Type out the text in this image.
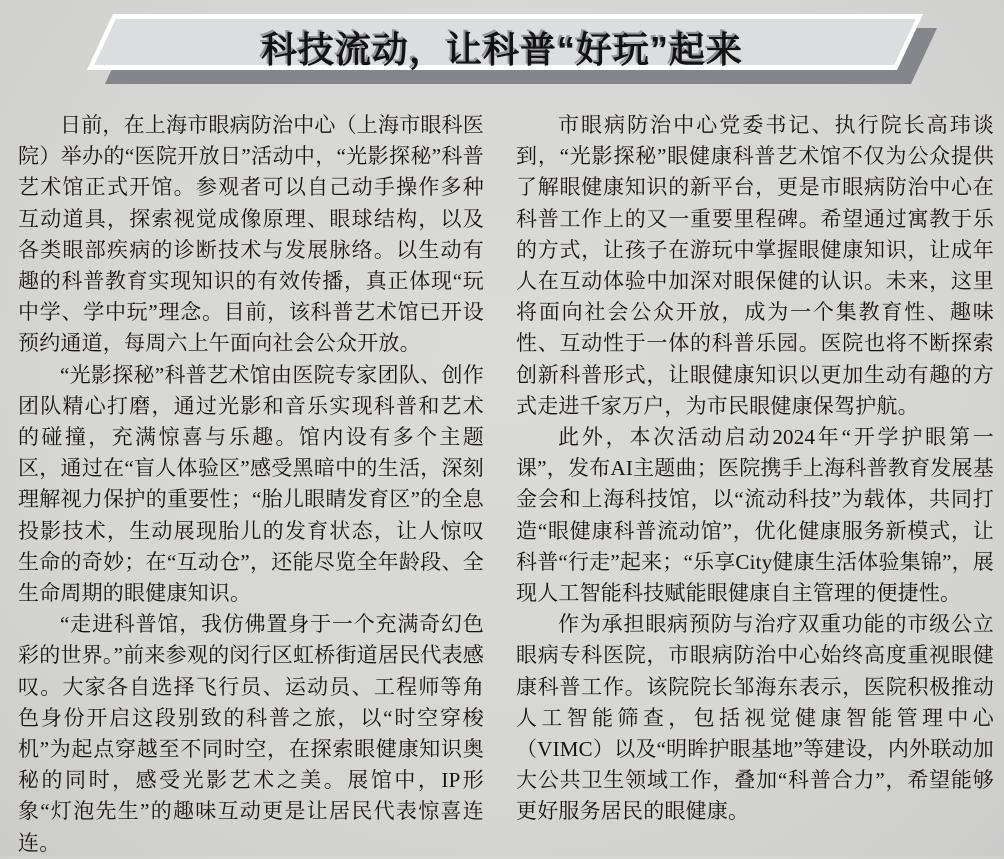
科技流动，让科普“好玩”起来

日前，在上海市眼病防治中心（上海市眼科医院）举办的“医院开放日”活动中，“光影探秘”科普艺术馆正式开馆。参观者可以自己动手操作多种互动道具，探索视觉成像原理、眼球结构，以及各类眼部疾病的诊断技术与发展脉络。以生动有趣的科普教育实现知识的有效传播，真正体现“玩中学、学中玩”理念。目前，该科普艺术馆已开设预约通道，每周六上午面向社会公众开放。

“光影探秘”科普艺术馆由医院专家团队、创作团队精心打磨，通过光影和音乐实现科普和艺术的碰撞，充满惊喜与乐趣。馆内设有多个主题区，通过在“盲人体验区”感受黑暗中的生活，深刻理解视力保护的重要性；“胎儿眼睛发育区”的全息投影技术，生动展现胎儿的发育状态，让人惊叹生命的奇妙；在“互动仓”，还能尽览全年龄段、全生命周期的眼健康知识。

“走进科普馆，我仿佛置身于一个充满奇幻色彩的世界。”前来参观的闵行区虹桥街道居民代表感叹。大家各自选择飞行员、运动员、工程师等角色身份开启这段别致的科普之旅，以“时空穿梭机”为起点穿越至不同时空，在探索眼健康知识奥秘的同时，感受光影艺术之美。展馆中，IP形象“灯泡先生”的趣味互动更是让居民代表惊喜连连。

市眼病防治中心党委书记、执行院长高玮谈到，“光影探秘”眼健康科普艺术馆不仅为公众提供了解眼健康知识的新平台，更是市眼病防治中心在科普工作上的又一重要里程碑。希望通过寓教于乐的方式，让孩子在游玩中掌握眼健康知识，让成年人在互动体验中加深对眼保健的认识。未来，这里将面向社会公众开放，成为一个集教育性、趣味性、互动性于一体的科普乐园。医院也将不断探索创新科普形式，让眼健康知识以更加生动有趣的方式走进千家万户，为市民眼健康保驾护航。

此外，本次活动启动2024年“开学护眼第一课”，发布AI主题曲；医院携手上海科普教育发展基金会和上海科技馆，以“流动科技”为载体，共同打造“眼健康科普流动馆”，优化健康服务新模式，让科普“行走”起来；“乐享City健康生活体验集锦”，展现人工智能科技赋能眼健康自主管理的便捷性。

作为承担眼病预防与治疗双重功能的市级公立眼病专科医院，市眼病防治中心始终高度重视眼健康科普工作。该院院长邹海东表示，医院积极推动人工智能筛查，包括视觉健康智能管理中心（VIMC）以及“明眸护眼基地”等建设，内外联动加大公共卫生领域工作，叠加“科普合力”，希望能够更好服务居民的眼健康。
